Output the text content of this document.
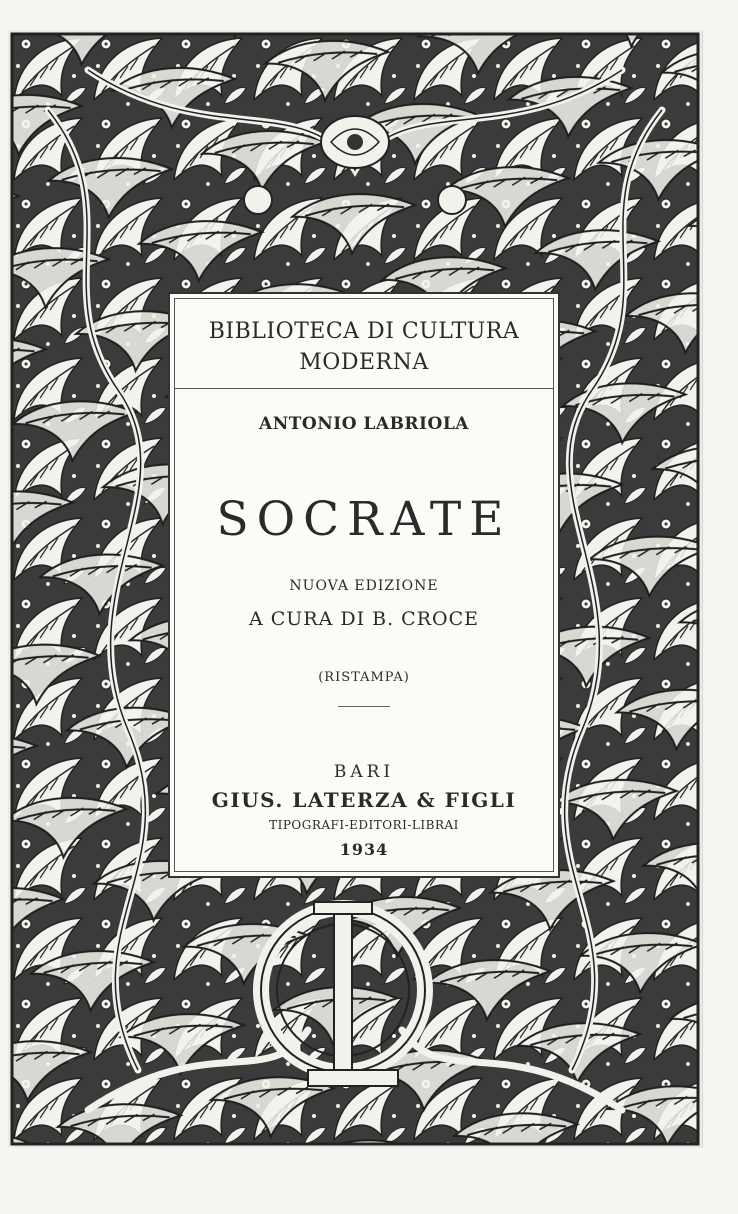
BIBLIOTECA DI CULTURA
MODERNA
ANTONIO LABRIOLA
SOCRATE
NUOVA EDIZIONE
A CURA DI B. CROCE
(RISTAMPA)
BARI
GIUS. LATERZA & FIGLI
TIPOGRAFI-EDITORI-LIBRAI
1934
